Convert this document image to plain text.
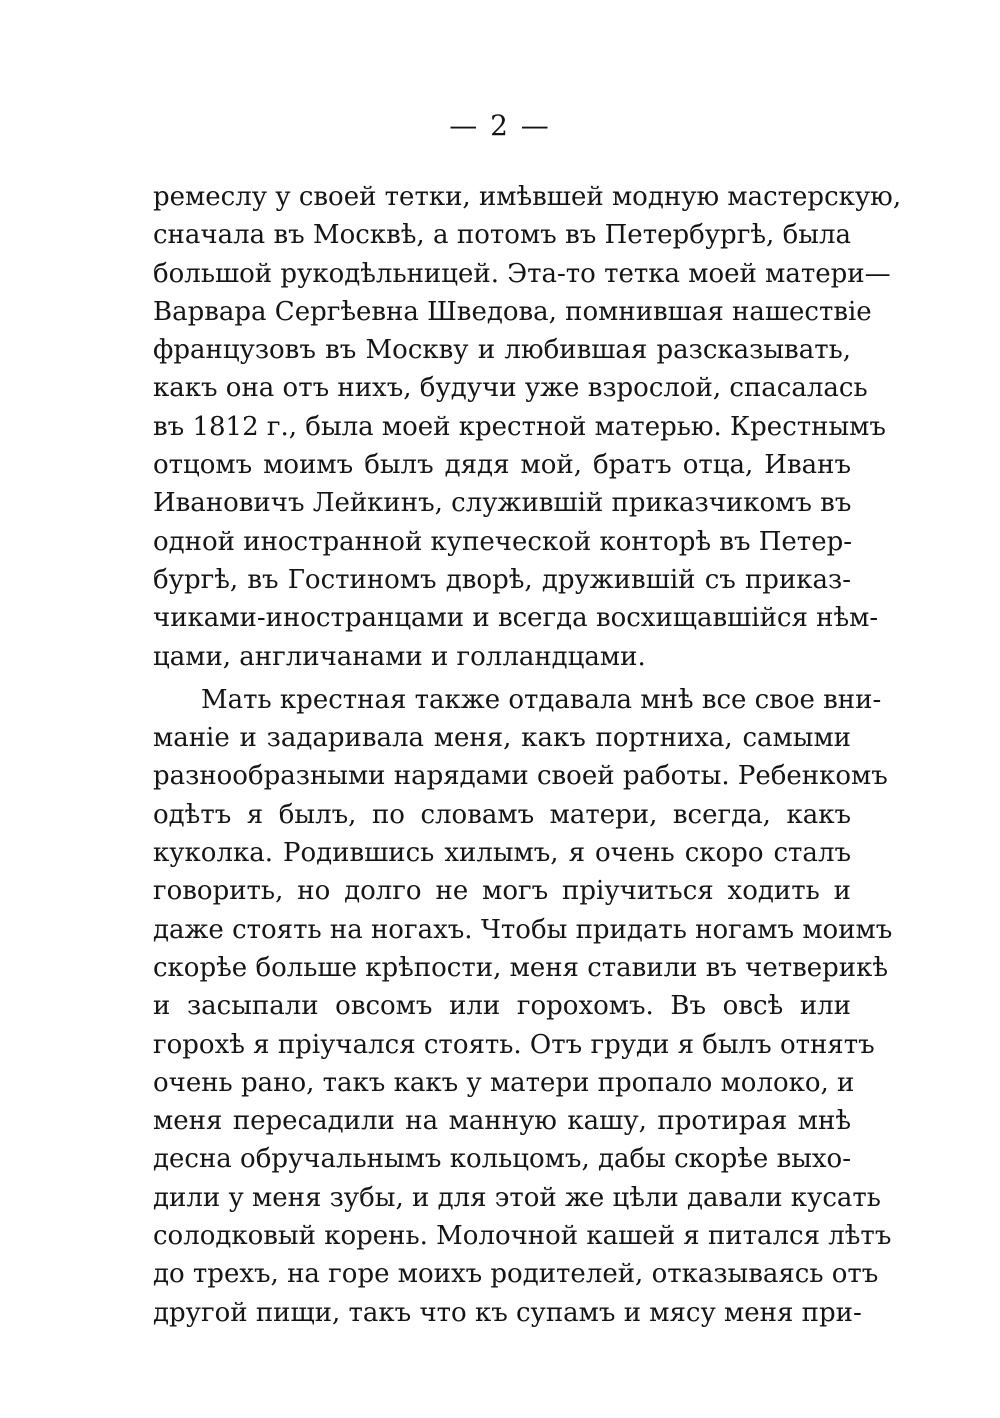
— 2 —
ремеслу у своей тетки, имѣвшей модную мастерскую,
сначала въ Москвѣ, а потомъ въ Петербургѣ, была
большой рукодѣльницей. Эта-то тетка моей матери—
Варвара Сергѣевна Шведова, помнившая нашествіе
французовъ въ Москву и любившая разсказывать,
какъ она отъ нихъ, будучи уже взрослой, спасалась
въ 1812 г., была моей крестной матерью. Крестнымъ
отцомъ моимъ былъ дядя мой, братъ отца, Иванъ
Ивановичъ Лейкинъ, служившій приказчикомъ въ
одной иностранной купеческой конторѣ въ Петер-
бургѣ, въ Гостиномъ дворѣ, дружившій съ приказ-
чиками-иностранцами и всегда восхищавшійся нѣм-
цами, англичанами и голландцами.
Мать крестная также отдавала мнѣ все свое вни-
маніе и задаривала меня, какъ портниха, самыми
разнообразными нарядами своей работы. Ребенкомъ
одѣтъ я былъ, по словамъ матери, всегда, какъ
куколка. Родившись хилымъ, я очень скоро сталъ
говорить, но долго не могъ пріучиться ходить и
даже стоять на ногахъ. Чтобы придать ногамъ моимъ
скорѣе больше крѣпости, меня ставили въ четверикѣ
и засыпали овсомъ или горохомъ. Въ овсѣ или
горохѣ я пріучался стоять. Отъ груди я былъ отнятъ
очень рано, такъ какъ у матери пропало молоко, и
меня пересадили на манную кашу, протирая мнѣ
десна обручальнымъ кольцомъ, дабы скорѣе выхо-
дили у меня зубы, и для этой же цѣли давали кусать
солодковый корень. Молочной кашей я питался лѣтъ
до трехъ, на горе моихъ родителей, отказываясь отъ
другой пищи, такъ что къ супамъ и мясу меня при-
